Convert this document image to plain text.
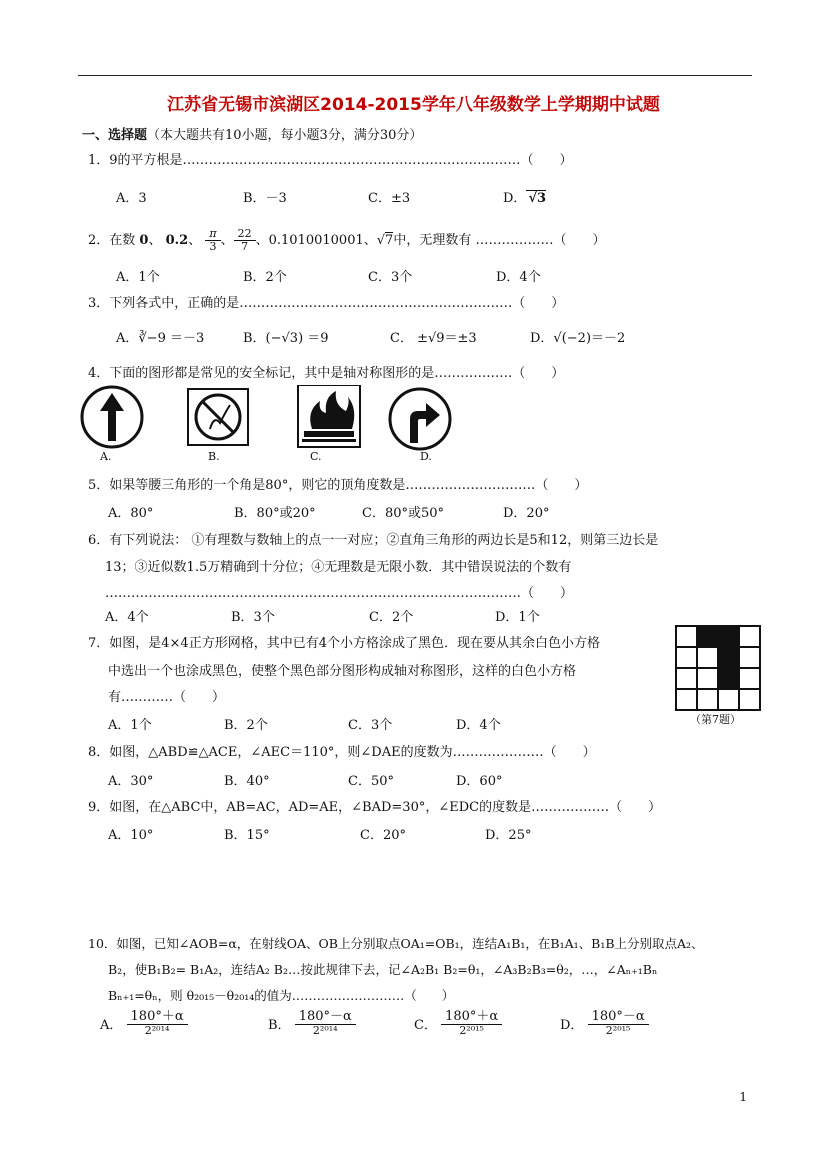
江苏省无锡市滨湖区2014-2015学年八年级数学上学期期中试题
一、选择题（本大题共有10小题，每小题3分，满分30分）
1．9的平方根是……………………………………………………………………（　　）
A．3	B．－3	C．±3	D． √3
2．在数 0、 0.2、 $\frac{\pi}{3}$ 、 $\frac{22}{7}$ 、0.1010010001、√7中，无理数有 ………………（　　）
A．1个	B．2个	C．3个	D．4个
3．下列各式中，正确的是………………………………………………………（　　）
A．∛−9 ＝－3	B．(−√3) ＝9	C． ±√9＝±3	D．√(−2)＝－2
4．下面的图形都是常见的安全标记，其中是轴对称图形的是………………（　　）
A.	B.	C.	D.
5．如果等腰三角形的一个角是80°，则它的顶角度数是…………………………（　　）
A．80°	B．80°或20°	C．80°或50°	D．20°
6．有下列说法： ①有理数与数轴上的点一一对应；②直角三角形的两边长是5和12，则第三边长是
13；③近似数1.5万精确到十分位；④无理数是无限小数．其中错误说法的个数有
……………………………………………………………………………………（　　）
A．4个	B．3个	C．2个	D．1个
7．如图，是4×4正方形网格，其中已有4个小方格涂成了黑色．现在要从其余白色小方格
中选出一个也涂成黑色，使整个黑色部分图形构成轴对称图形，这样的白色小方格
有…………（　　）
A．1个	B．2个	C．3个	D．4个	（第7题）
8．如图，△ABD≌△ACE，∠AEC＝110°，则∠DAE的度数为…………………（　　）
A．30°	B．40°	C．50°	D．60°
9．如图，在△ABC中，AB=AC，AD=AE，∠BAD=30°，∠EDC的度数是………………（　　）
A．10°	B．15°	C．20°	D．25°
10．如图，已知∠AOB=α，在射线OA、OB上分别取点OA₁=OB₁，连结A₁B₁，在B₁A₁、B₁B上分别取点A₂、
B₂，使B₁B₂= B₁A₂，连结A₂ B₂…按此规律下去，记∠A₂B₁ B₂=θ₁，∠A₃B₂B₃=θ₂，…，∠Aₙ₊₁Bₙ
Bₙ₊₁=θₙ，则 θ₂₀₁₅－θ₂₀₁₄的值为………………………（　　）
A． $\frac{180^\circ+\alpha}{\text{2²⁰¹⁴}}$	B． $\frac{180^\circ-\alpha}{\text{2²⁰¹⁴}}$	C． $\frac{180^\circ+\alpha}{\text{2²⁰¹⁵}}$	D． $\frac{180^\circ-\alpha}{\text{2²⁰¹⁵}}$
1
